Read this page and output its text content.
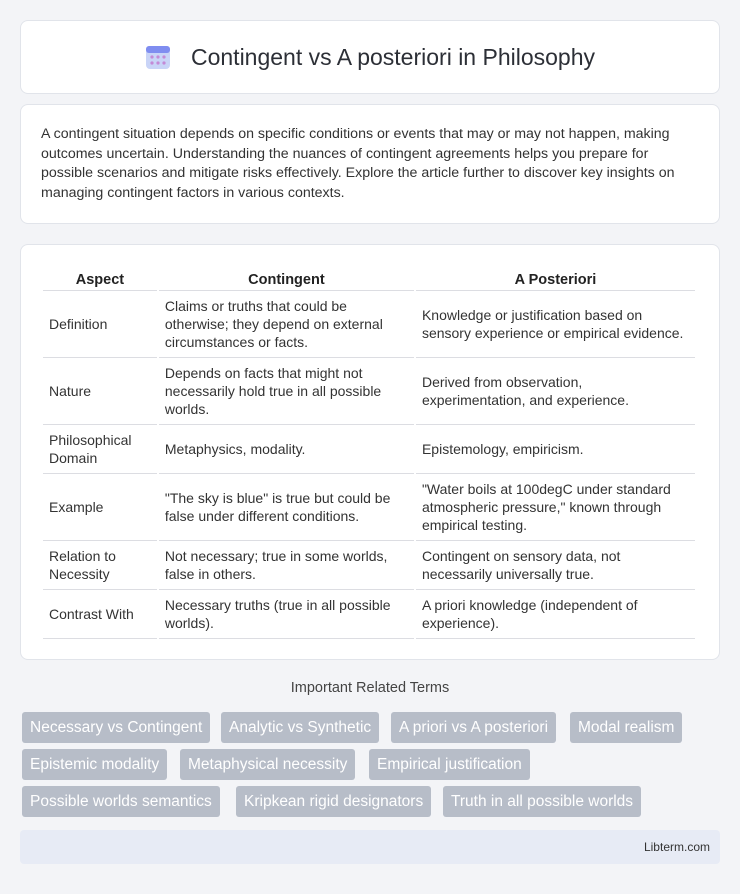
Contingent vs A posteriori in Philosophy

A contingent situation depends on specific conditions or events that may or may not happen, making outcomes uncertain. Understanding the nuances of contingent agreements helps you prepare for possible scenarios and mitigate risks effectively. Explore the article further to discover key insights on managing contingent factors in various contexts.

Aspect	Contingent	A Posteriori
Definition	Claims or truths that could be otherwise; they depend on external circumstances or facts.	Knowledge or justification based on sensory experience or empirical evidence.
Nature	Depends on facts that might not necessarily hold true in all possible worlds.	Derived from observation, experimentation, and experience.
Philosophical Domain	Metaphysics, modality.	Epistemology, empiricism.
Example	"The sky is blue" is true but could be false under different conditions.	"Water boils at 100degC under standard atmospheric pressure," known through empirical testing.
Relation to Necessity	Not necessary; true in some worlds, false in others.	Contingent on sensory data, not necessarily universally true.
Contrast With	Necessary truths (true in all possible worlds).	A priori knowledge (independent of experience).
Important Related Terms
Necessary vs Contingent	Analytic vs Synthetic	A priori vs A posteriori	Modal realism
Epistemic modality	Metaphysical necessity	Empirical justification
Possible worlds semantics	Kripkean rigid designators	Truth in all possible worlds
Libterm.com
